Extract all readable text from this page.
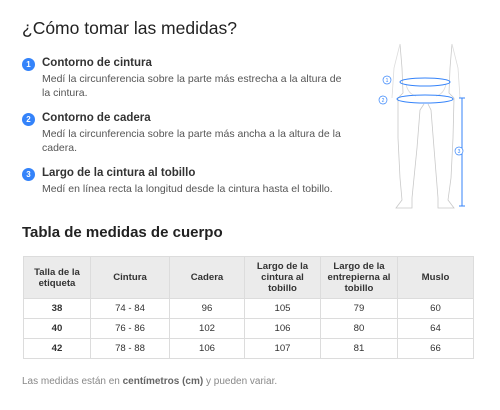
¿Cómo tomar las medidas?
1 Contorno de cintura
Medí la circunferencia sobre la parte más estrecha a la altura de la cintura.
2 Contorno de cadera
Medí la circunferencia sobre la parte más ancha a la altura de la cadera.
3 Largo de la cintura al tobillo
Medí en línea recta la longitud desde la cintura hasta el tobillo.
1
2
3
Tabla de medidas de cuerpo
Talla de la etiqueta	Cintura	Cadera	Largo de la cintura al tobillo	Largo de la entrepierna al tobillo	Muslo
38	74 - 84	96	105	79	60
40	76 - 86	102	106	80	64
42	78 - 88	106	107	81	66

Las medidas están en centímetros (cm) y pueden variar.
